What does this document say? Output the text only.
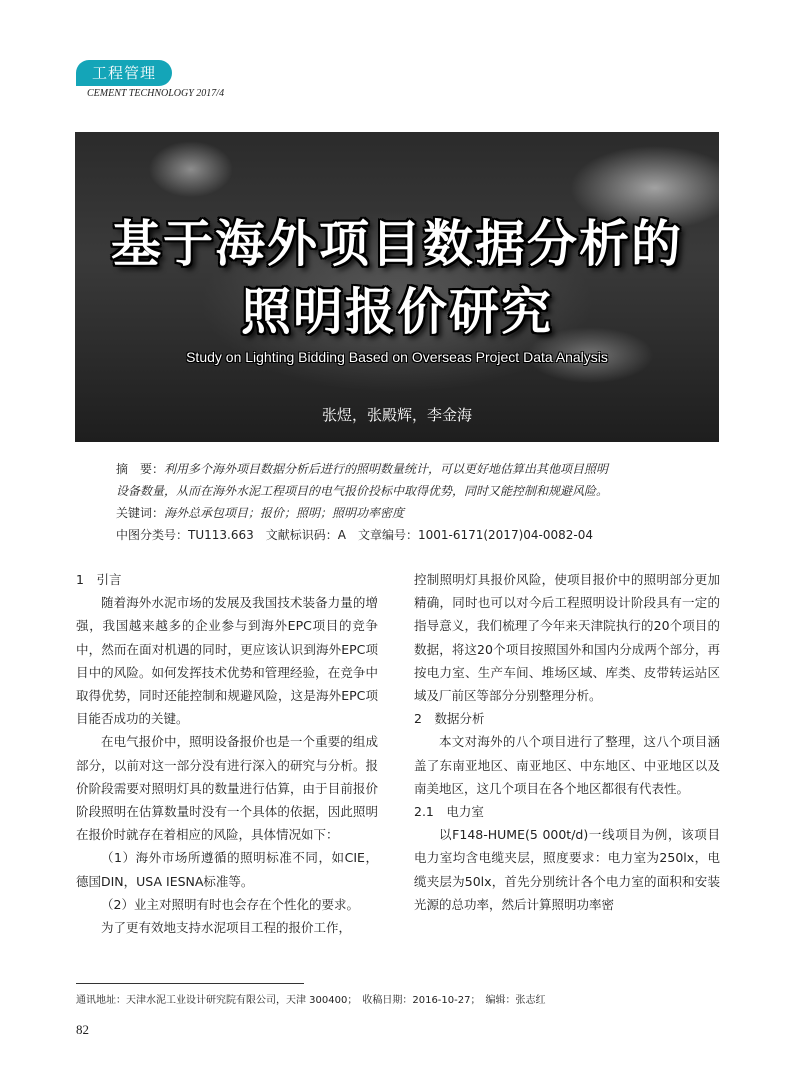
工程管理
CEMENT TECHNOLOGY 2017/4
基于海外项目数据分析的
照明报价研究
Study on Lighting Bidding Based on Overseas Project Data Analysis
张煜，张殿辉，李金海
摘　要：利用多个海外项目数据分析后进行的照明数量统计，可以更好地估算出其他项目照明
设备数量，从而在海外水泥工程项目的电气报价投标中取得优势，同时又能控制和规避风险。
关键词：海外总承包项目；报价；照明；照明功率密度
中图分类号：TU113.663　文献标识码：A　文章编号：1001-6171(2017)04-0082-04

1　引言

随着海外水泥市场的发展及我国技术装备力量的增强，我国越来越多的企业参与到海外EPC项目的竞争中，然而在面对机遇的同时，更应该认识到海外EPC项目中的风险。如何发挥技术优势和管理经验，在竞争中取得优势，同时还能控制和规避风险，这是海外EPC项目能否成功的关键。

在电气报价中，照明设备报价也是一个重要的组成部分，以前对这一部分没有进行深入的研究与分析。报价阶段需要对照明灯具的数量进行估算，由于目前报价阶段照明在估算数量时没有一个具体的依据，因此照明在报价时就存在着相应的风险，具体情况如下：

（1）海外市场所遵循的照明标准不同，如CIE，德国DIN，USA IESNA标准等。

（2）业主对照明有时也会存在个性化的要求。

为了更有效地支持水泥项目工程的报价工作，

控制照明灯具报价风险，使项目报价中的照明部分更加精确，同时也可以对今后工程照明设计阶段具有一定的指导意义，我们梳理了今年来天津院执行的20个项目的数据，将这20个项目按照国外和国内分成两个部分，再按电力室、生产车间、堆场区域、库类、皮带转运站区域及厂前区等部分分别整理分析。

2　数据分析

本文对海外的八个项目进行了整理，这八个项目涵盖了东南亚地区、南亚地区、中东地区、中亚地区以及南美地区，这几个项目在各个地区都很有代表性。

2.1　电力室

以F148-HUME(5 000t/d)一线项目为例，该项目电力室均含电缆夹层，照度要求：电力室为250lx，电缆夹层为50lx，首先分别统计各个电力室的面积和安装光源的总功率，然后计算照明功率密

通讯地址：天津水泥工业设计研究院有限公司，天津 300400；　收稿日期：2016-10-27；　编辑：张志红
82
